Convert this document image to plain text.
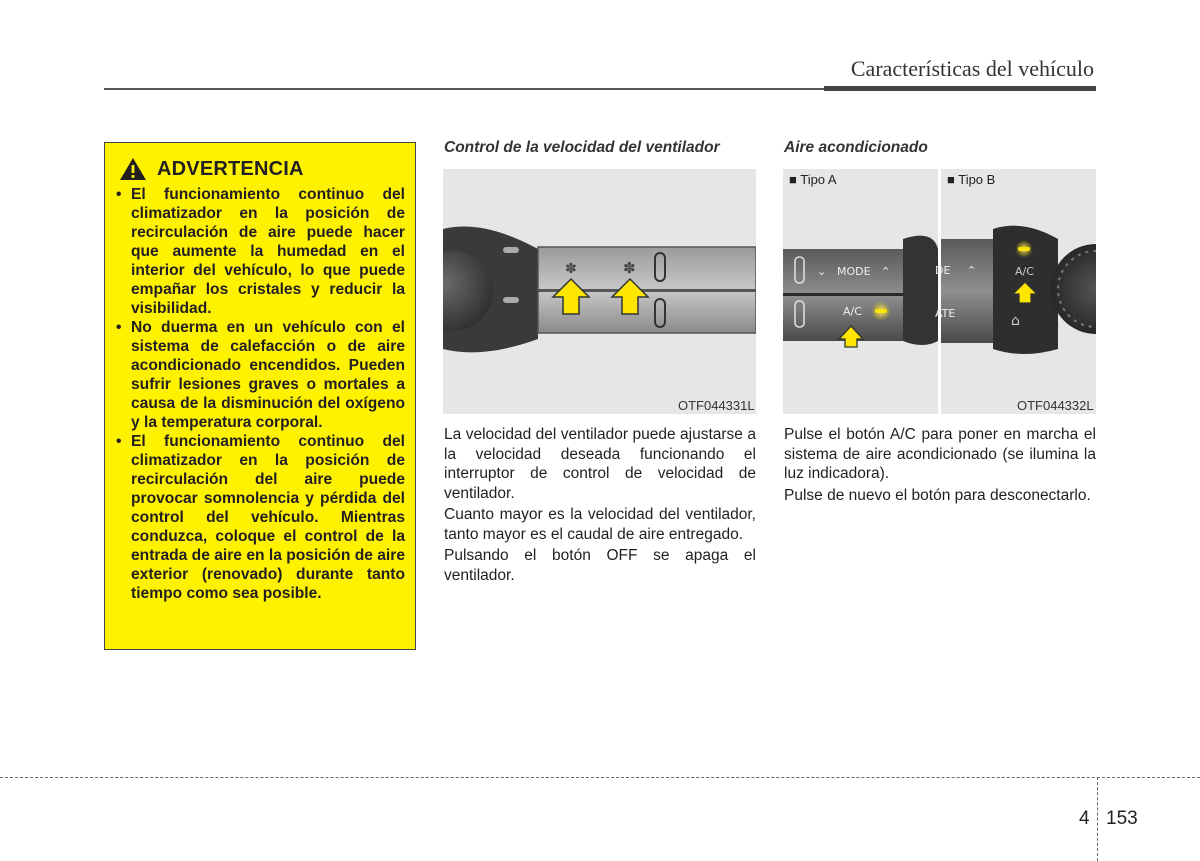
Características del vehículo
ADVERTENCIA
• El funcionamiento continuo del climatizador en la posición de recirculación de aire puede hacer que aumente la humedad en el interior del vehículo, lo que puede empañar los cristales y reducir la visibilidad.
• No duerma en un vehículo con el sistema de calefacción o de aire acondicionado encendidos. Pueden sufrir lesiones graves o mortales a causa de la disminución del oxígeno y la temperatura corporal.
• El funcionamiento continuo del climatizador en la posición de recirculación del aire puede provocar somnolencia y pérdida del control del vehículo. Mientras conduzca, coloque el control de la entrada de aire en la posición de aire exterior (renovado) durante tanto tiempo como sea posible.
Control de la velocidad del ventilador
✽	✽
OTF044331L

La velocidad del ventilador puede ajustarse a la velocidad deseada funcionando el interruptor de control de velocidad de ventilador.

Cuanto mayor es la velocidad del ventilador, tanto mayor es el caudal de aire entregado.

Pulsando el botón OFF se apaga el ventilador.

Aire acondicionado
⌄ MODE ⌃
A/C
DE ⌃
ATE
A/C
⌂
■ Tipo A	■ Tipo B
OTF044332L

Pulse el botón A/C para poner en marcha el sistema de aire acondicionado (se ilumina la luz indicadora).

Pulse de nuevo el botón para desconectarlo.

4 153
